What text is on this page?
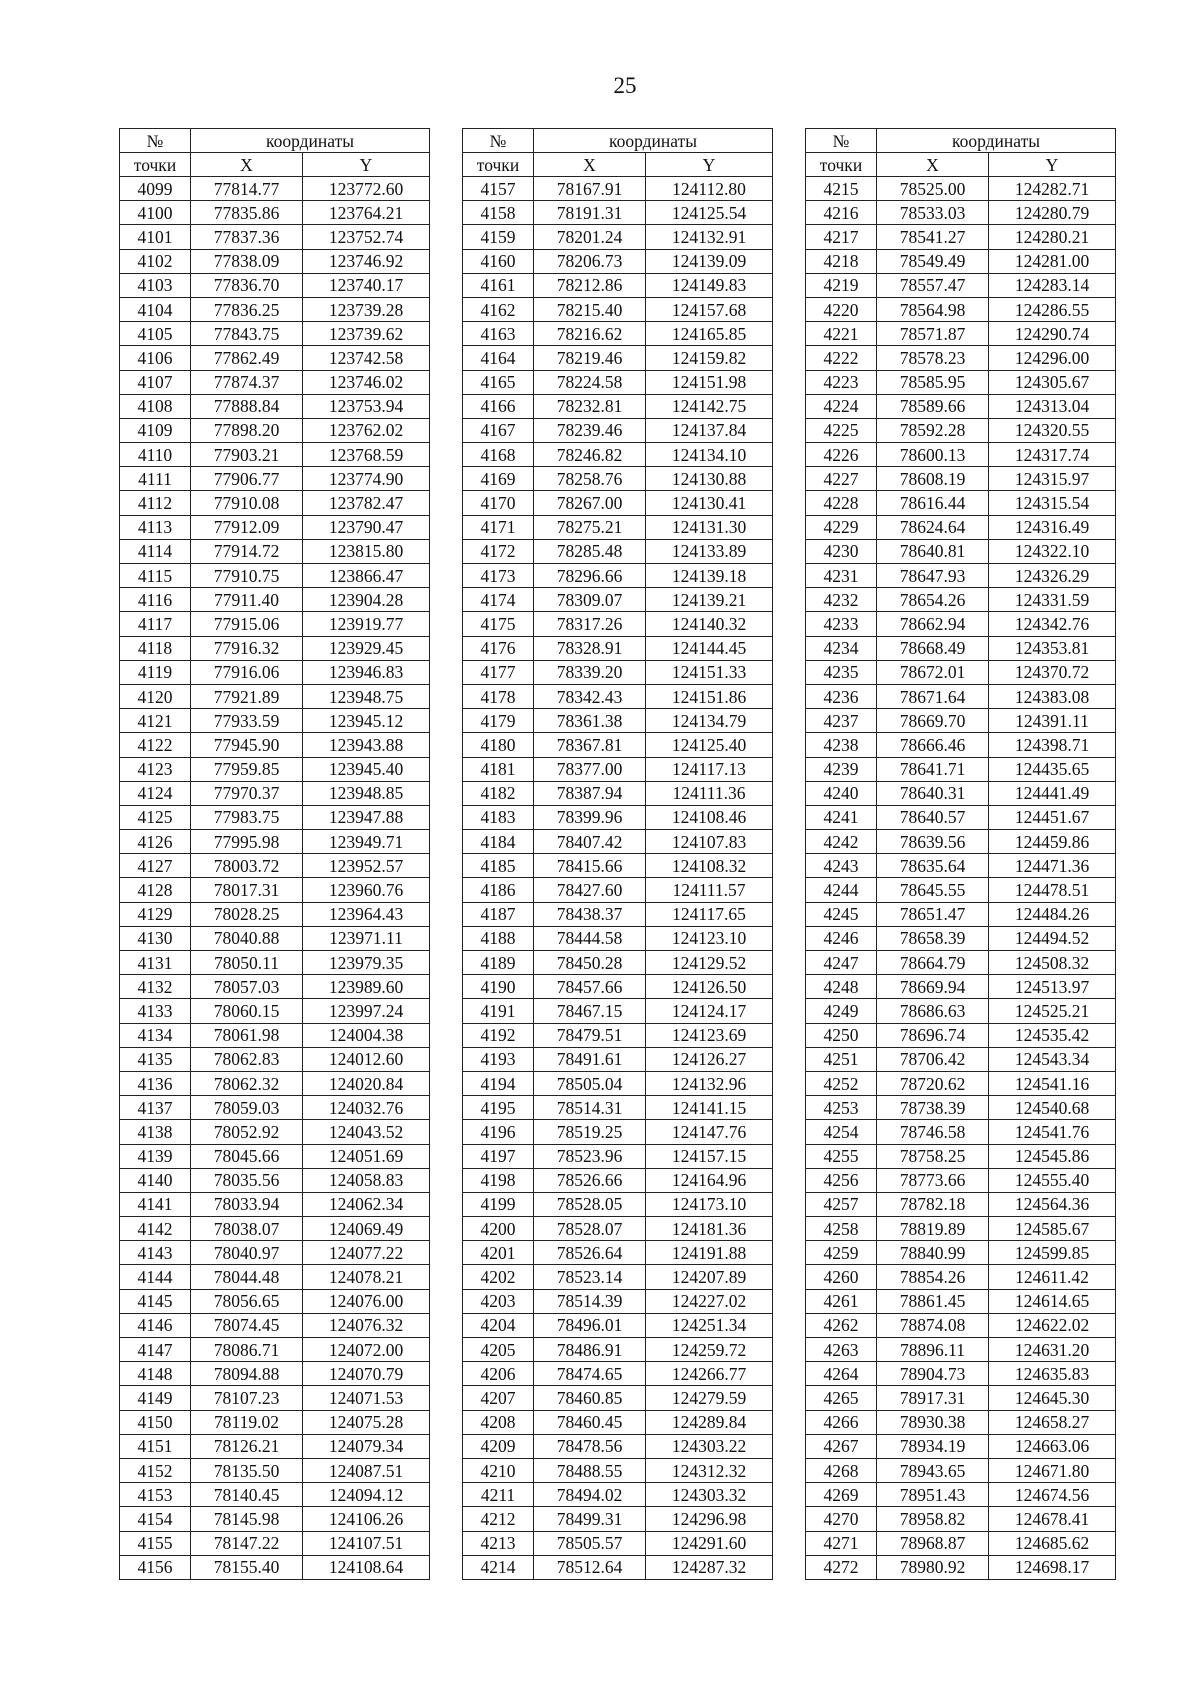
25
№	координаты	
точки	X	Y
4099	77814.77	123772.60
4100	77835.86	123764.21
4101	77837.36	123752.74
4102	77838.09	123746.92
4103	77836.70	123740.17
4104	77836.25	123739.28
4105	77843.75	123739.62
4106	77862.49	123742.58
4107	77874.37	123746.02
4108	77888.84	123753.94
4109	77898.20	123762.02
4110	77903.21	123768.59
4111	77906.77	123774.90
4112	77910.08	123782.47
4113	77912.09	123790.47
4114	77914.72	123815.80
4115	77910.75	123866.47
4116	77911.40	123904.28
4117	77915.06	123919.77
4118	77916.32	123929.45
4119	77916.06	123946.83
4120	77921.89	123948.75
4121	77933.59	123945.12
4122	77945.90	123943.88
4123	77959.85	123945.40
4124	77970.37	123948.85
4125	77983.75	123947.88
4126	77995.98	123949.71
4127	78003.72	123952.57
4128	78017.31	123960.76
4129	78028.25	123964.43
4130	78040.88	123971.11
4131	78050.11	123979.35
4132	78057.03	123989.60
4133	78060.15	123997.24
4134	78061.98	124004.38
4135	78062.83	124012.60
4136	78062.32	124020.84
4137	78059.03	124032.76
4138	78052.92	124043.52
4139	78045.66	124051.69
4140	78035.56	124058.83
4141	78033.94	124062.34
4142	78038.07	124069.49
4143	78040.97	124077.22
4144	78044.48	124078.21
4145	78056.65	124076.00
4146	78074.45	124076.32
4147	78086.71	124072.00
4148	78094.88	124070.79
4149	78107.23	124071.53
4150	78119.02	124075.28
4151	78126.21	124079.34
4152	78135.50	124087.51
4153	78140.45	124094.12
4154	78145.98	124106.26
4155	78147.22	124107.51
4156	78155.40	124108.64
№	координаты	
точки	X	Y
4157	78167.91	124112.80
4158	78191.31	124125.54
4159	78201.24	124132.91
4160	78206.73	124139.09
4161	78212.86	124149.83
4162	78215.40	124157.68
4163	78216.62	124165.85
4164	78219.46	124159.82
4165	78224.58	124151.98
4166	78232.81	124142.75
4167	78239.46	124137.84
4168	78246.82	124134.10
4169	78258.76	124130.88
4170	78267.00	124130.41
4171	78275.21	124131.30
4172	78285.48	124133.89
4173	78296.66	124139.18
4174	78309.07	124139.21
4175	78317.26	124140.32
4176	78328.91	124144.45
4177	78339.20	124151.33
4178	78342.43	124151.86
4179	78361.38	124134.79
4180	78367.81	124125.40
4181	78377.00	124117.13
4182	78387.94	124111.36
4183	78399.96	124108.46
4184	78407.42	124107.83
4185	78415.66	124108.32
4186	78427.60	124111.57
4187	78438.37	124117.65
4188	78444.58	124123.10
4189	78450.28	124129.52
4190	78457.66	124126.50
4191	78467.15	124124.17
4192	78479.51	124123.69
4193	78491.61	124126.27
4194	78505.04	124132.96
4195	78514.31	124141.15
4196	78519.25	124147.76
4197	78523.96	124157.15
4198	78526.66	124164.96
4199	78528.05	124173.10
4200	78528.07	124181.36
4201	78526.64	124191.88
4202	78523.14	124207.89
4203	78514.39	124227.02
4204	78496.01	124251.34
4205	78486.91	124259.72
4206	78474.65	124266.77
4207	78460.85	124279.59
4208	78460.45	124289.84
4209	78478.56	124303.22
4210	78488.55	124312.32
4211	78494.02	124303.32
4212	78499.31	124296.98
4213	78505.57	124291.60
4214	78512.64	124287.32
№	координаты	
точки	X	Y
4215	78525.00	124282.71
4216	78533.03	124280.79
4217	78541.27	124280.21
4218	78549.49	124281.00
4219	78557.47	124283.14
4220	78564.98	124286.55
4221	78571.87	124290.74
4222	78578.23	124296.00
4223	78585.95	124305.67
4224	78589.66	124313.04
4225	78592.28	124320.55
4226	78600.13	124317.74
4227	78608.19	124315.97
4228	78616.44	124315.54
4229	78624.64	124316.49
4230	78640.81	124322.10
4231	78647.93	124326.29
4232	78654.26	124331.59
4233	78662.94	124342.76
4234	78668.49	124353.81
4235	78672.01	124370.72
4236	78671.64	124383.08
4237	78669.70	124391.11
4238	78666.46	124398.71
4239	78641.71	124435.65
4240	78640.31	124441.49
4241	78640.57	124451.67
4242	78639.56	124459.86
4243	78635.64	124471.36
4244	78645.55	124478.51
4245	78651.47	124484.26
4246	78658.39	124494.52
4247	78664.79	124508.32
4248	78669.94	124513.97
4249	78686.63	124525.21
4250	78696.74	124535.42
4251	78706.42	124543.34
4252	78720.62	124541.16
4253	78738.39	124540.68
4254	78746.58	124541.76
4255	78758.25	124545.86
4256	78773.66	124555.40
4257	78782.18	124564.36
4258	78819.89	124585.67
4259	78840.99	124599.85
4260	78854.26	124611.42
4261	78861.45	124614.65
4262	78874.08	124622.02
4263	78896.11	124631.20
4264	78904.73	124635.83
4265	78917.31	124645.30
4266	78930.38	124658.27
4267	78934.19	124663.06
4268	78943.65	124671.80
4269	78951.43	124674.56
4270	78958.82	124678.41
4271	78968.87	124685.62
4272	78980.92	124698.17
